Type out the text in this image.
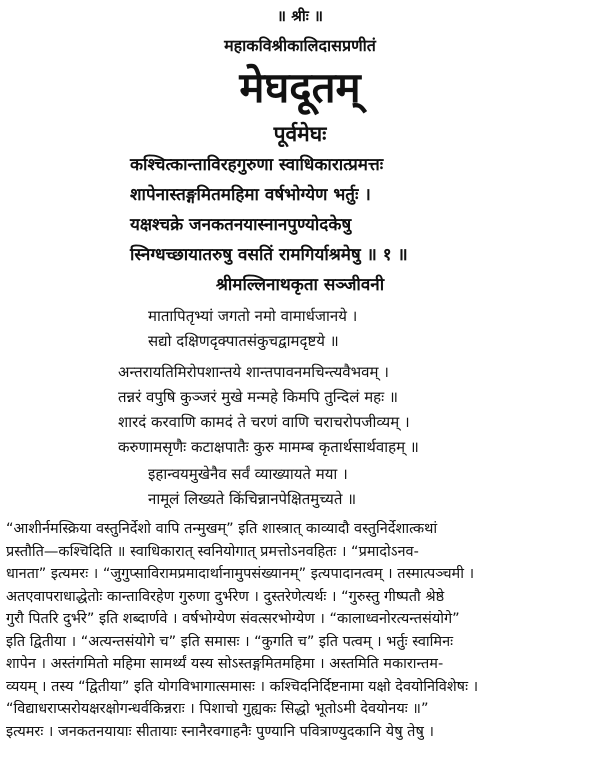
॥ श्रीः ॥
महाकविश्रीकालिदासप्रणीतं
मेघदूतम्
पूर्वमेघः
कश्चित्कान्ताविरहगुरुणा स्वाधिकारात्प्रमत्तः
शापेनास्तङ्गमितमहिमा वर्षभोग्येण भर्तुः ।
यक्षश्चक्रे जनकतनयास्नानपुण्योदकेषु
स्निग्धच्छायातरुषु वसतिं रामगिर्याश्रमेषु ॥ १ ॥
श्रीमल्लिनाथकृता सञ्जीवनी
मातापितृभ्यां जगतो नमो वामार्धजानये ।
सद्यो दक्षिणदृक्पातसंकुचद्वामदृष्टये ॥
अन्तरायतिमिरोपशान्तये शान्तपावनमचिन्त्यवैभवम् ।
तन्नरं वपुषि कुञ्जरं मुखे मन्महे किमपि तुन्दिलं महः ॥
शारदं करवाणि कामदं ते चरणं वाणि चराचरोपजीव्यम् ।
करुणामसृणैः कटाक्षपातैः कुरु मामम्ब कृतार्थसार्थवाहम् ॥
इहान्वयमुखेनैव सर्वं व्याख्यायते मया ।
नामूलं लिख्यते किंचिन्नानपेक्षितमुच्यते ॥
“आशीर्नमस्क्रिया वस्तुनिर्देशो वापि तन्मुखम्” इति शास्त्रात् काव्यादौ वस्तुनिर्देशात्कथां
प्रस्तौति—कश्चिदिति ॥ स्वाधिकारात् स्वनियोगात् प्रमत्तोऽनवहितः । “प्रमादोऽनव-
धानता” इत्यमरः । “जुगुप्साविरामप्रमादार्थानामुपसंख्यानम्” इत्यपादानत्वम् । तस्मात्पञ्चमी ।
अतएवापराधाद्धेतोः कान्ताविरहेण गुरुणा दुर्भरेण । दुस्तरेणेत्यर्थः । “गुरुस्तु गीष्पतौ श्रेष्ठे
गुरौ पितरि दुर्भरे” इति शब्दार्णवे । वर्षभोग्येण संवत्सरभोग्येण । “कालाध्वनोरत्यन्तसंयोगे”
इति द्वितीया । “अत्यन्तसंयोगे च” इति समासः । “कुगति च” इति पत्वम् । भर्तुः स्वामिनः
शापेन । अस्तंगमितो महिमा सामर्थ्यं यस्य सोऽस्तङ्गमितमहिमा । अस्तमिति मकारान्तम-
व्ययम् । तस्य “द्वितीया” इति योगविभागात्समासः । कश्चिदनिर्दिष्टनामा यक्षो देवयोनिविशेषः ।
“विद्याधराप्सरोयक्षरक्षोगन्धर्वकिन्नराः । पिशाचो गुह्यकः सिद्धो भूतोऽमी देवयोनयः ॥”
इत्यमरः । जनकतनयायाः सीतायाः स्नानैरवगाहनैः पुण्यानि पवित्राण्युदकानि येषु तेषु ।
